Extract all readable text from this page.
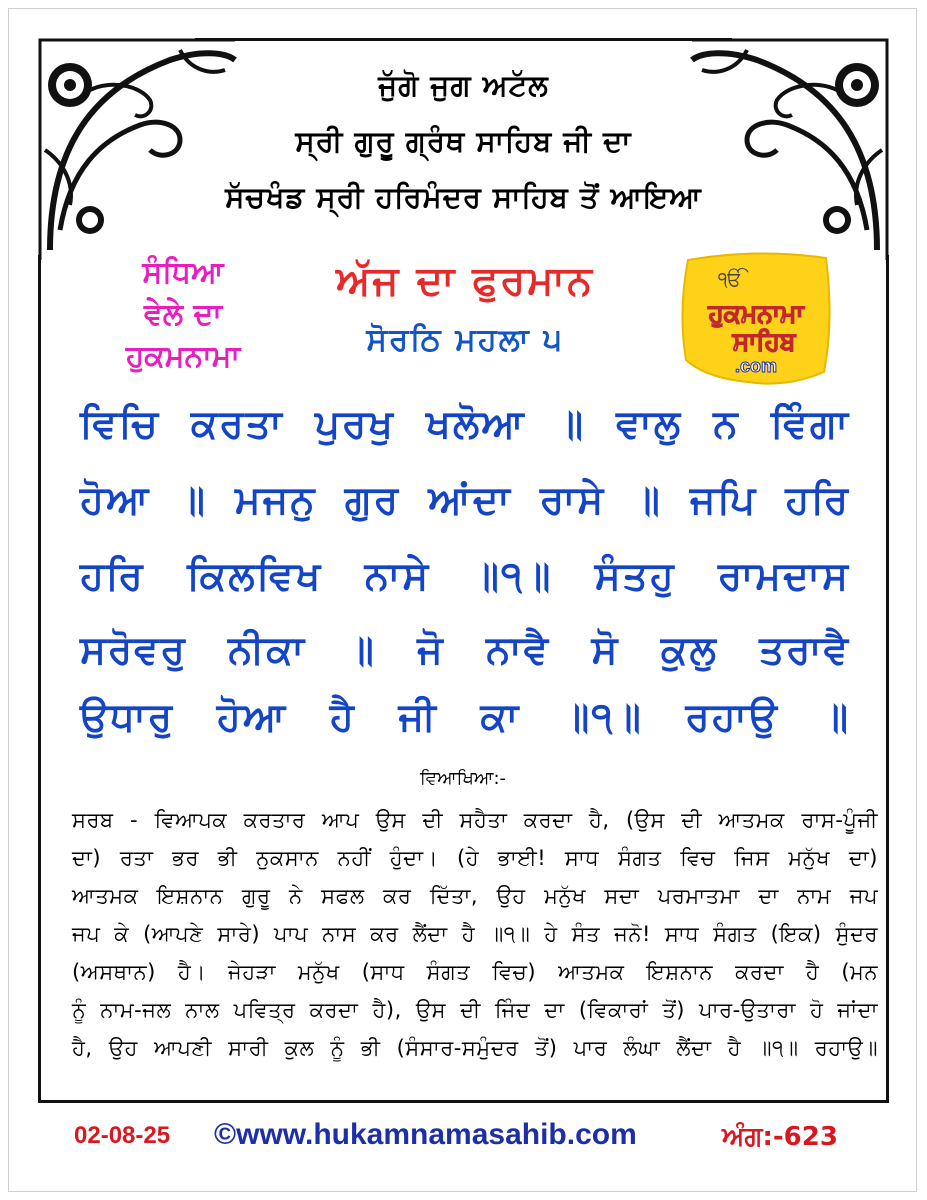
ਜੁੱਗੋ ਜੁਗ ਅਟੱਲ
ਸ੍ਰੀ ਗੁਰੂ ਗ੍ਰੰਥ ਸਾਹਿਬ ਜੀ ਦਾ
ਸੱਚਖੰਡ ਸ੍ਰੀ ਹਰਿਮੰਦਰ ਸਾਹਿਬ ਤੋਂ ਆਇਆ
ਸੰਧਿਆ
ਵੇਲੇ ਦਾ
ਹੁਕਮਨਾਮਾ
ਅੱਜ ਦਾ ਫੁਰਮਾਨ
ਸੋਰਠਿ ਮਹਲਾ ੫
ੴ
ਹੁਕਮਨਾਮਾ
ਸਾਹਿਬ
.com
ਵਿਚਿ ਕਰਤਾ ਪੁਰਖੁ ਖਲੋਆ ॥ ਵਾਲੁ ਨ ਵਿੰਗਾ
ਹੋਆ ॥ ਮਜਨੁ ਗੁਰ ਆਂਦਾ ਰਾਸੇ ॥ ਜਪਿ ਹਰਿ
ਹਰਿ ਕਿਲਵਿਖ ਨਾਸੇ ॥੧॥ ਸੰਤਹੁ ਰਾਮਦਾਸ
ਸਰੋਵਰੁ ਨੀਕਾ ॥ ਜੋ ਨਾਵੈ ਸੋ ਕੁਲੁ ਤਰਾਵੈ
ਉਧਾਰੁ ਹੋਆ ਹੈ ਜੀ ਕਾ ॥੧॥ ਰਹਾਉ ॥
ਵਿਆਖਿਆ:-
ਸਰਬ - ਵਿਆਪਕ ਕਰਤਾਰ ਆਪ ਉਸ ਦੀ ਸਹੈਤਾ ਕਰਦਾ ਹੈ, (ਉਸ ਦੀ ਆਤਮਕ ਰਾਸ-ਪੂੰਜੀ
ਦਾ) ਰਤਾ ਭਰ ਭੀ ਨੁਕਸਾਨ ਨਹੀਂ ਹੁੰਦਾ। (ਹੇ ਭਾਈ! ਸਾਧ ਸੰਗਤ ਵਿਚ ਜਿਸ ਮਨੁੱਖ ਦਾ)
ਆਤਮਕ ਇਸ਼ਨਾਨ ਗੁਰੂ ਨੇ ਸਫਲ ਕਰ ਦਿੱਤਾ, ਉਹ ਮਨੁੱਖ ਸਦਾ ਪਰਮਾਤਮਾ ਦਾ ਨਾਮ ਜਪ
ਜਪ ਕੇ (ਆਪਣੇ ਸਾਰੇ) ਪਾਪ ਨਾਸ ਕਰ ਲੈਂਦਾ ਹੈ ॥੧॥ ਹੇ ਸੰਤ ਜਨੋ! ਸਾਧ ਸੰਗਤ (ਇਕ) ਸੁੰਦਰ
(ਅਸਥਾਨ) ਹੈ। ਜੇਹੜਾ ਮਨੁੱਖ (ਸਾਧ ਸੰਗਤ ਵਿਚ) ਆਤਮਕ ਇਸ਼ਨਾਨ ਕਰਦਾ ਹੈ (ਮਨ
ਨੂੰ ਨਾਮ-ਜਲ ਨਾਲ ਪਵਿਤ੍ਰ ਕਰਦਾ ਹੈ), ਉਸ ਦੀ ਜਿੰਦ ਦਾ (ਵਿਕਾਰਾਂ ਤੋਂ) ਪਾਰ-ਉਤਾਰਾ ਹੋ ਜਾਂਦਾ
ਹੈ, ਉਹ ਆਪਣੀ ਸਾਰੀ ਕੁਲ ਨੂੰ ਭੀ (ਸੰਸਾਰ-ਸਮੁੰਦਰ ਤੋਂ) ਪਾਰ ਲੰਘਾ ਲੈਂਦਾ ਹੈ ॥੧॥ ਰਹਾਉ॥
02-08-25 ©www.hukamnamasahib.com	ਅੰਗ:-623
